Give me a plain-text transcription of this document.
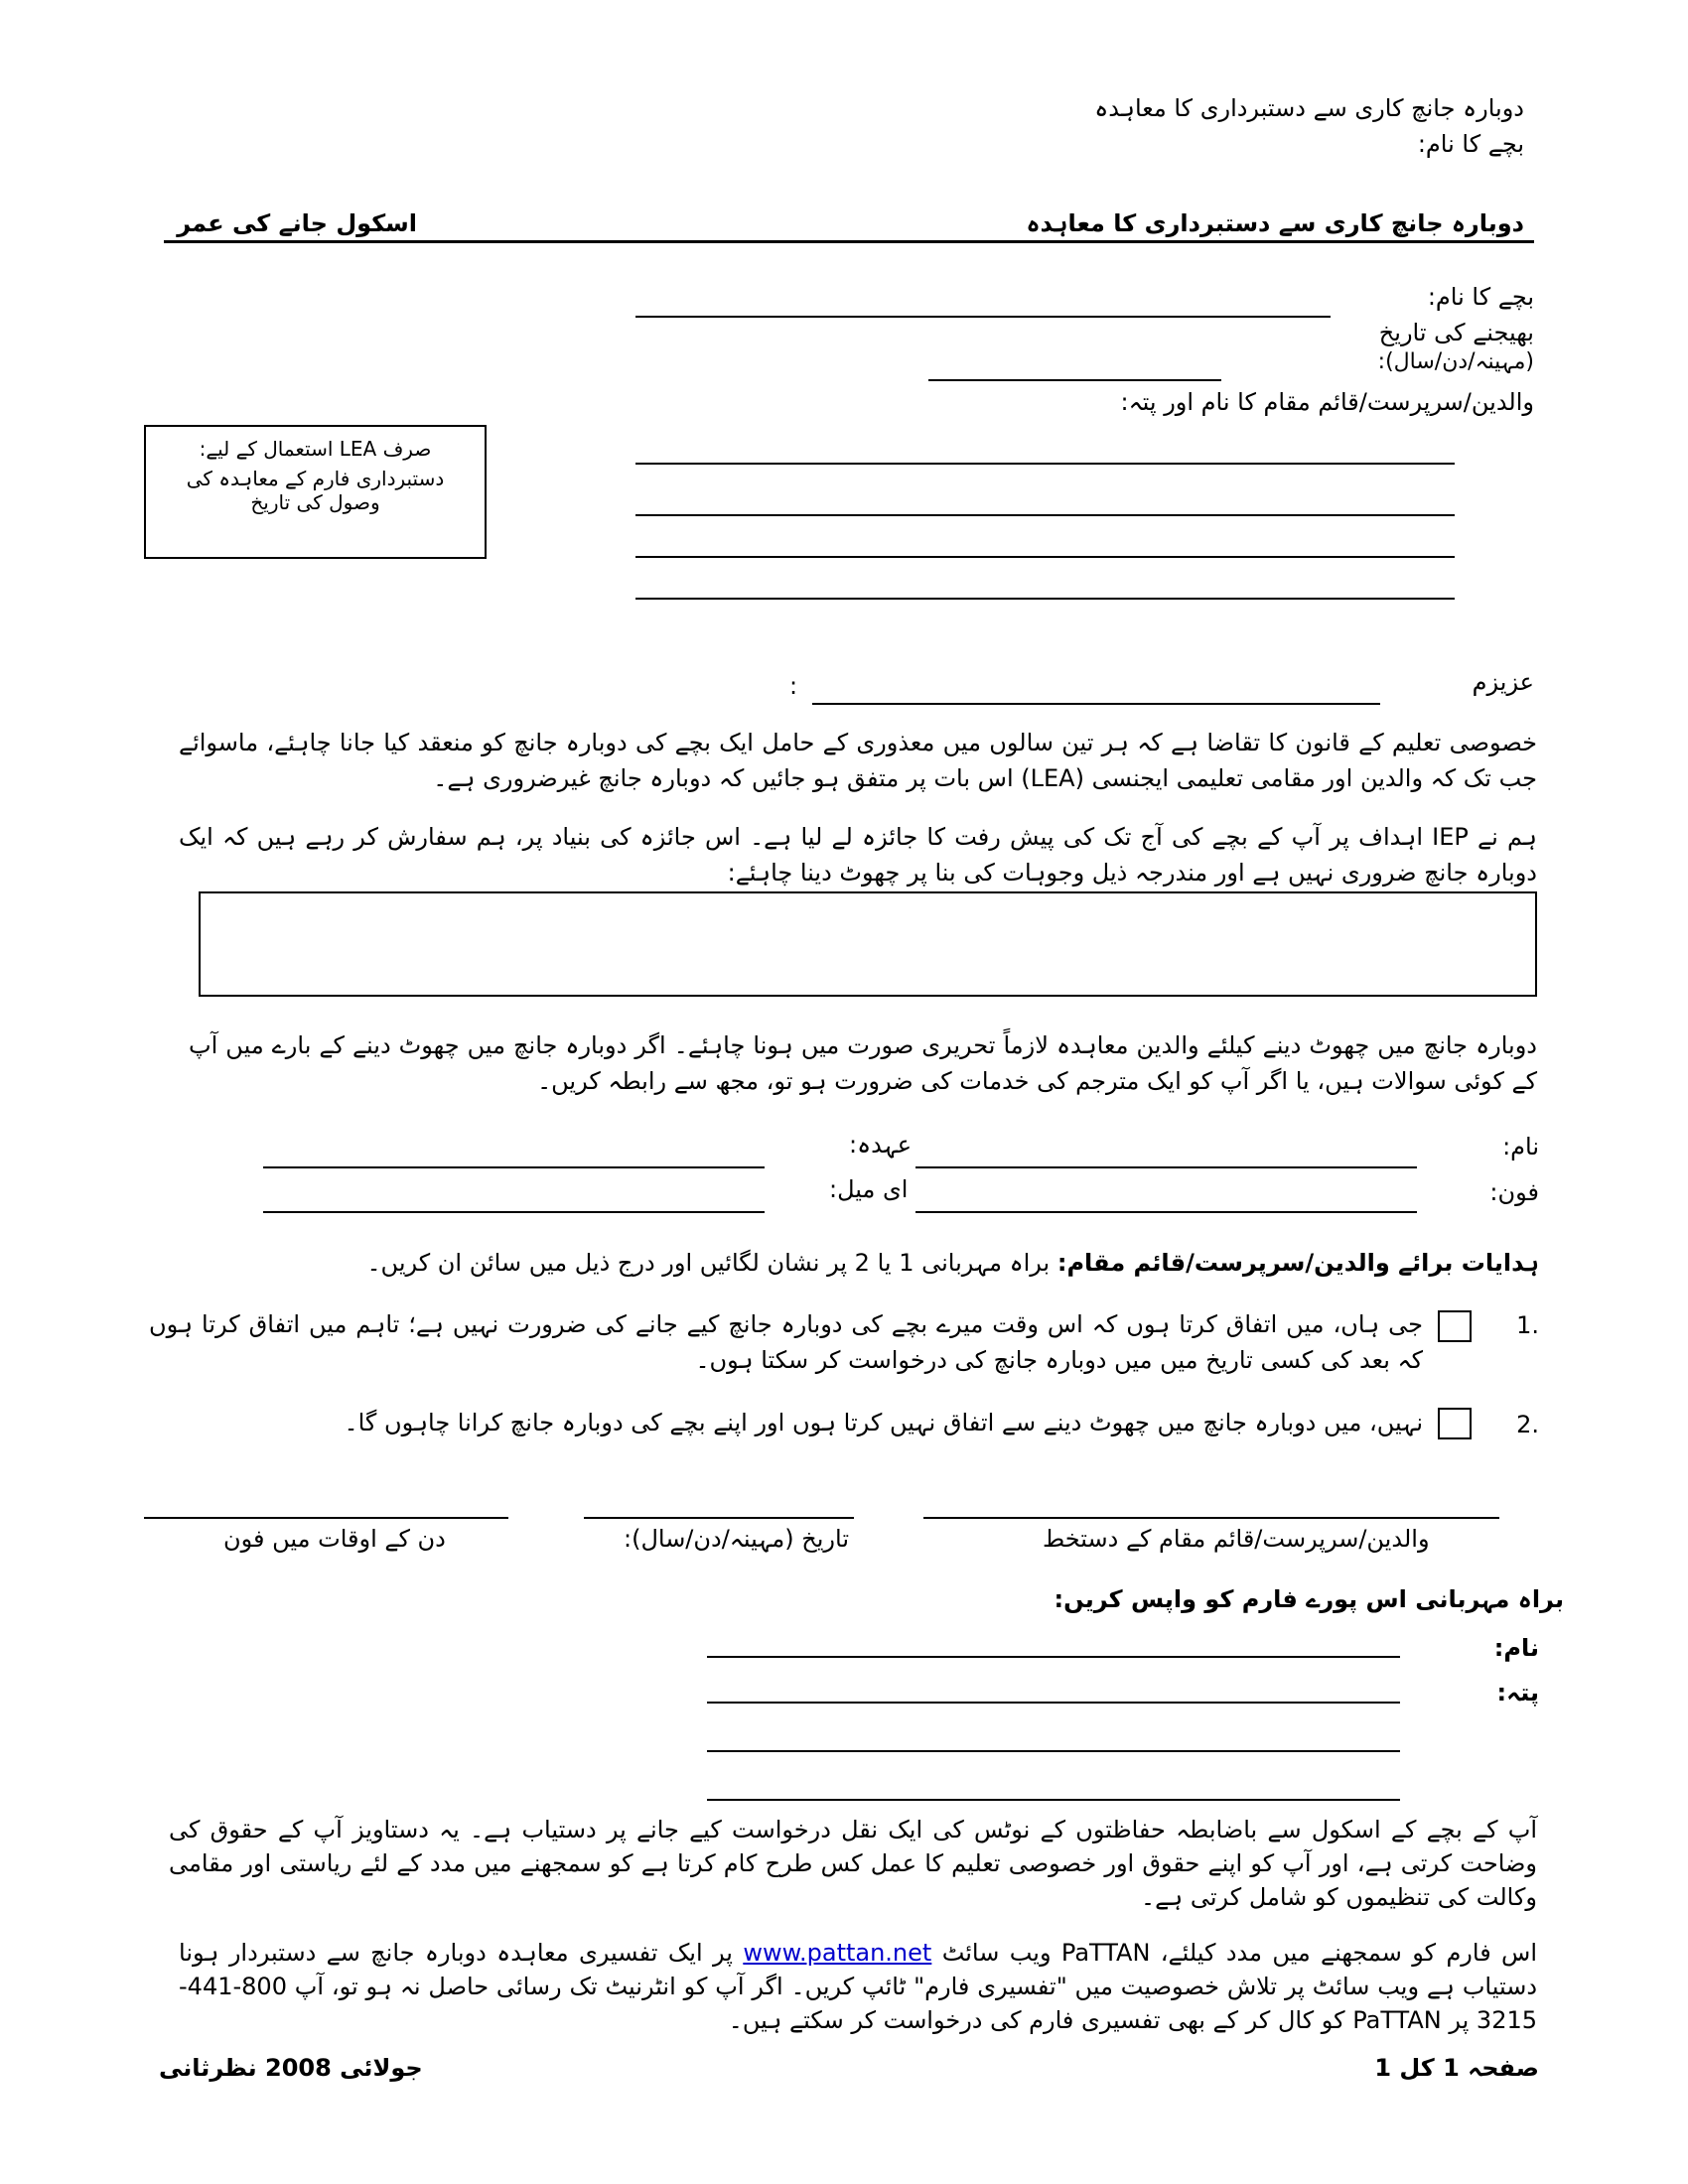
دوبارہ جانچ کاری سے دستبرداری کا معاہدہ
بچے کا نام:
دوبارہ جانچ کاری سے دستبرداری کا معاہدہ
اسکول جانے کی عمر
بچے کا نام:
بھیجنے کی تاریخ
(مہینہ/دن/سال):
والدین/سرپرست/قائم مقام کا نام اور پتہ:
صرف LEA استعمال کے لیے:
دستبرداری فارم کے معاہدہ کی وصول کی تاریخ
عزیزم
:
خصوصی تعلیم کے قانون کا تقاضا ہے کہ ہر تین سالوں میں معذوری کے حامل ایک بچے کی دوبارہ جانچ کو منعقد کیا جانا چاہئے، ماسوائے جب تک کہ والدین اور مقامی تعلیمی ایجنسی (LEA) اس بات پر متفق ہو جائیں کہ دوبارہ جانچ غیرضروری ہے۔
ہم نے IEP اہداف پر آپ کے بچے کی آج تک کی پیش رفت کا جائزہ لے لیا ہے۔ اس جائزہ کی بنیاد پر، ہم سفارش کر رہے ہیں کہ ایک دوبارہ جانچ ضروری نہیں ہے اور مندرجہ ذیل وجوہات کی بنا پر چھوٹ دینا چاہئے:
دوبارہ جانچ میں چھوٹ دینے کیلئے والدین معاہدہ لازماً تحریری صورت میں ہونا چاہئے۔ اگر دوبارہ جانچ میں چھوٹ دینے کے بارے میں آپ کے کوئی سوالات ہیں، یا اگر آپ کو ایک مترجم کی خدمات کی ضرورت ہو تو، مجھ سے رابطہ کریں۔
نام:
عہدہ:
فون:
ای میل:
ہدایات برائے والدین/سرپرست/قائم مقام: براہ مہربانی 1 یا 2 پر نشان لگائیں اور درج ذیل میں سائن ان کریں۔
1.
جی ہاں، میں اتفاق کرتا ہوں کہ اس وقت میرے بچے کی دوبارہ جانچ کیے جانے کی ضرورت نہیں ہے؛ تاہم میں اتفاق کرتا ہوں کہ بعد کی کسی تاریخ میں میں دوبارہ جانچ کی درخواست کر سکتا ہوں۔
2.
نہیں، میں دوبارہ جانچ میں چھوٹ دینے سے اتفاق نہیں کرتا ہوں اور اپنے بچے کی دوبارہ جانچ کرانا چاہوں گا۔
والدین/سرپرست/قائم مقام کے دستخط
تاریخ (مہینہ/دن/سال):
دن کے اوقات میں فون
براہ مہربانی اس پورے فارم کو واپس کریں:
نام:
پتہ:
آپ کے بچے کے اسکول سے باضابطہ حفاظتوں کے نوٹس کی ایک نقل درخواست کیے جانے پر دستیاب ہے۔ یہ دستاویز آپ کے حقوق کی وضاحت کرتی ہے، اور آپ کو اپنے حقوق اور خصوصی تعلیم کا عمل کس طرح کام کرتا ہے کو سمجھنے میں مدد کے لئے ریاستی اور مقامی وکالت کی تنظیموں کو شامل کرتی ہے۔
اس فارم کو سمجھنے میں مدد کیلئے، PaTTAN ویب سائٹ www.pattan.net پر ایک تفسیری معاہدہ دوبارہ جانچ سے دستبردار ہونا دستیاب ہے ویب سائٹ پر تلاش خصوصیت میں "تفسیری فارم" ٹائپ کریں۔ اگر آپ کو انٹرنیٹ تک رسائی حاصل نہ ہو تو، آپ 800-441-3215 پر PaTTAN کو کال کر کے بھی تفسیری فارم کی درخواست کر سکتے ہیں۔
صفحہ 1 کل 1
جولائی 2008 نظرثانی
